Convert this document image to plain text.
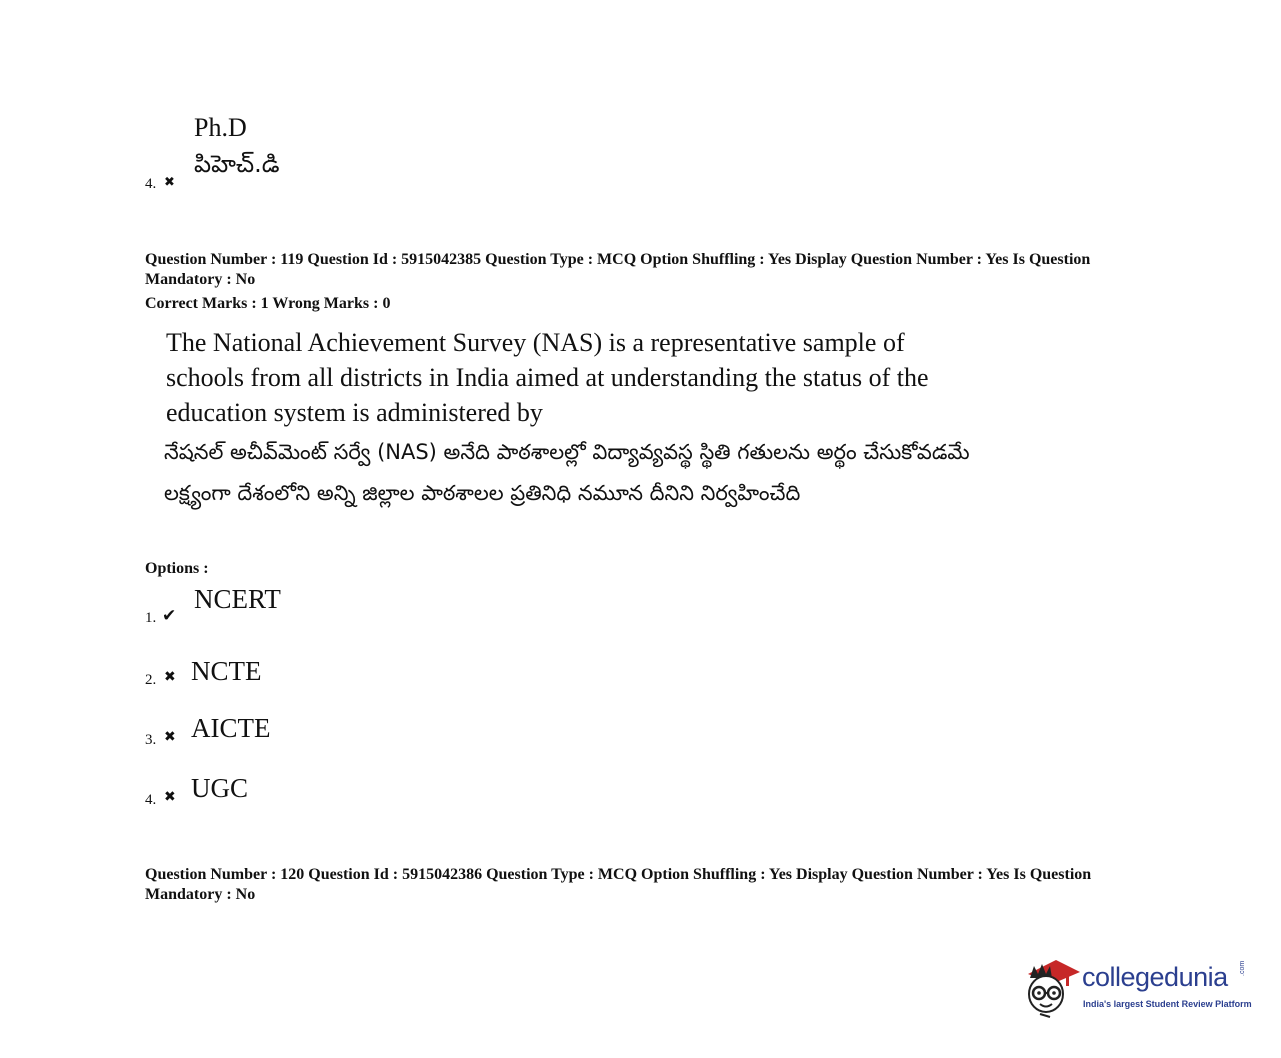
4. ✖
Ph.D
పిహెచ్.డి
Question Number : 119 Question Id : 5915042385 Question Type : MCQ Option Shuffling : Yes Display Question Number : Yes Is Question Mandatory : No
Correct Marks : 1 Wrong Marks : 0
The National Achievement Survey (NAS) is a representative sample of schools from all districts in India aimed at understanding the status of the education system is administered by
నేషనల్ అచీవ్‌మెంట్ సర్వే (NAS) అనేది పాఠశాలల్లో విద్యావ్యవస్థ స్థితి గతులను అర్థం చేసుకోవడమే లక్ష్యంగా దేశంలోని అన్ని జిల్లాల పాఠశాలల ప్రతినిధి నమూన దీనిని నిర్వహించేది
Options :
1. ✔
NCERT
2. ✖ NCTE
3. ✖ AICTE
4. ✖ UGC
Question Number : 120 Question Id : 5915042386 Question Type : MCQ Option Shuffling : Yes Display Question Number : Yes Is Question Mandatory : No
collegedunia .com
India's largest Student Review Platform
